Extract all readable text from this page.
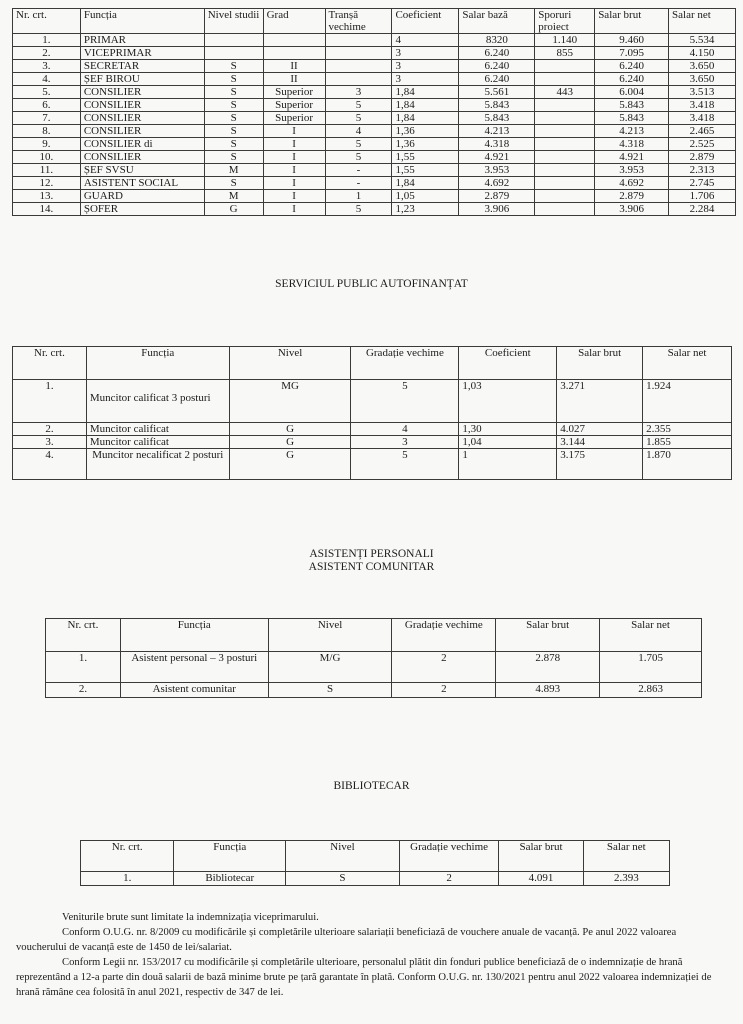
Nr. crt.	Funcția	Nivel studii	Grad	Tranșă vechime	Coeficient	Salar bază	Sporuri proiect	Salar brut	Salar net
1.	PRIMAR				4	8320	1.140	9.460	5.534
2.	VICEPRIMAR				3	6.240	855	7.095	4.150
3.	SECRETAR	S	II		3	6.240		6.240	3.650
4.	ȘEF BIROU	S	II		3	6.240		6.240	3.650
5.	CONSILIER	S	Superior	3	1,84	5.561	443	6.004	3.513
6.	CONSILIER	S	Superior	5	1,84	5.843		5.843	3.418
7.	CONSILIER	S	Superior	5	1,84	5.843		5.843	3.418
8.	CONSILIER	S	I	4	1,36	4.213		4.213	2.465
9.	CONSILIER di	S	I	5	1,36	4.318		4.318	2.525
10.	CONSILIER	S	I	5	1,55	4.921		4.921	2.879
11.	ȘEF SVSU	M	I	-	1,55	3.953		3.953	2.313
12.	ASISTENT SOCIAL	S	I	-	1,84	4.692		4.692	2.745
13.	GUARD	M	I	1	1,05	2.879		2.879	1.706
14.	ȘOFER	G	I	5	1,23	3.906		3.906	2.284
SERVICIUL PUBLIC AUTOFINANȚAT
Nr. crt.	Funcția	Nivel	Gradație vechime	Coeficient	Salar brut	Salar net
1.	Muncitor calificat 3 posturi	MG	5	1,03	3.271	1.924
2.	Muncitor calificat	G	4	1,30	4.027	2.355
3.	Muncitor calificat	G	3	1,04	3.144	1.855
4.	Muncitor necalificat 2 posturi	G	5	1	3.175	1.870
ASISTENȚI PERSONALI
ASISTENT COMUNITAR
Nr. crt.	Funcția	Nivel	Gradație vechime	Salar brut	Salar net
1.	Asistent personal – 3 posturi	M/G	2	2.878	1.705
2.	Asistent comunitar	S	2	4.893	2.863
BIBLIOTECAR
Nr. crt.	Funcția	Nivel	Gradație vechime	Salar brut	Salar net
1.	Bibliotecar	S	2	4.091	2.393

Veniturile brute sunt limitate la indemnizația viceprimarului.

Conform O.U.G. nr. 8/2009 cu modificările și completările ulterioare salariații beneficiază de vouchere anuale de vacanță. Pe anul 2022 valoarea voucherului de vacanță este de 1450 de lei/salariat.

Conform Legii nr. 153/2017 cu modificările și completările ulterioare, personalul plătit din fonduri publice beneficiază de o indemnizație de hrană reprezentând a 12-a parte din două salarii de bază minime brute pe țară garantate în plată. Conform O.U.G. nr. 130/2021 pentru anul 2022 valoarea indemnizației de hrană rămâne cea folosită în anul 2021, respectiv de 347 de lei.
